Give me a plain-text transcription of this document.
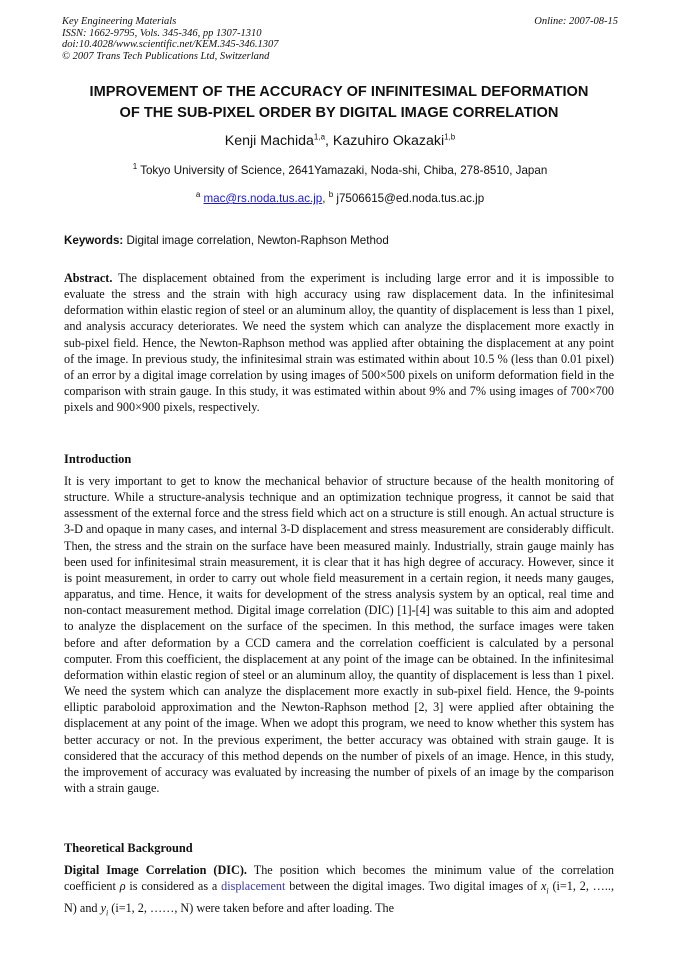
Key Engineering Materials
ISSN: 1662-9795, Vols. 345-346, pp 1307-1310
doi:10.4028/www.scientific.net/KEM.345-346.1307
© 2007 Trans Tech Publications Ltd, Switzerland
Online: 2007-08-15
IMPROVEMENT OF THE ACCURACY OF INFINITESIMAL DEFORMATION
OF THE SUB-PIXEL ORDER BY DIGITAL IMAGE CORRELATION
Kenji Machida$^{1,a}$, Kazuhiro Okazaki$^{1,b}$
$^1$ Tokyo University of Science, 2641Yamazaki, Noda-shi, Chiba, 278-8510, Japan
$^a$ mac@rs.noda.tus.ac.jp, $^b$ j7506615@ed.noda.tus.ac.jp
Keywords: Digital image correlation, Newton-Raphson Method

Abstract. The displacement obtained from the experiment is including large error and it is impossible to evaluate the stress and the strain with high accuracy using raw displacement data. In the infinitesimal deformation within elastic region of steel or an aluminum alloy, the quantity of displacement is less than 1 pixel, and analysis accuracy deteriorates. We need the system which can analyze the displacement more exactly in sub-pixel field. Hence, the Newton-Raphson method was applied after obtaining the displacement at any point of the image. In previous study, the infinitesimal strain was estimated within about 10.5 % (less than 0.01 pixel) of an error by a digital image correlation by using images of 500×500 pixels on uniform deformation field in the comparison with strain gauge. In this study, it was estimated within about 9% and 7% using images of 700×700 pixels and 900×900 pixels, respectively.

Introduction

It is very important to get to know the mechanical behavior of structure because of the health monitoring of structure. While a structure-analysis technique and an optimization technique progress, it cannot be said that assessment of the external force and the stress field which act on a structure is still enough. An actual structure is 3-D and opaque in many cases, and internal 3-D displacement and stress measurement are considerably difficult. Then, the stress and the strain on the surface have been measured mainly. Industrially, strain gauge mainly has been used for infinitesimal strain measurement, it is clear that it has high degree of accuracy. However, since it is point measurement, in order to carry out whole field measurement in a certain region, it needs many gauges, apparatus, and time. Hence, it waits for development of the stress analysis system by an optical, real time and non-contact measurement method. Digital image correlation (DIC) [1]-[4] was suitable to this aim and adopted to analyze the displacement on the surface of the specimen. In this method, the surface images were taken before and after deformation by a CCD camera and the correlation coefficient is calculated by a personal computer. From this coefficient, the displacement at any point of the image can be obtained. In the infinitesimal deformation within elastic region of steel or an aluminum alloy, the quantity of displacement is less than 1 pixel. We need the system which can analyze the displacement more exactly in sub-pixel field. Hence, the 9-points elliptic paraboloid approximation and the Newton-Raphson method [2, 3] were applied after obtaining the displacement at any point of the image. When we adopt this program, we need to know whether this system has better accuracy or not. In the previous experiment, the better accuracy was obtained with strain gauge. It is considered that the accuracy of this method depends on the number of pixels of an image. Hence, in this study, the improvement of accuracy was evaluated by increasing the number of pixels of an image by the comparison with a strain gauge.

Theoretical Background

Digital Image Correlation (DIC). The position which becomes the minimum value of the correlation coefficient ρ is considered as a displacement between the digital images. Two digital images of $x_i$ (i=1, 2, ….., N) and $y_i$ (i=1, 2, ……, N) were taken before and after loading. The
